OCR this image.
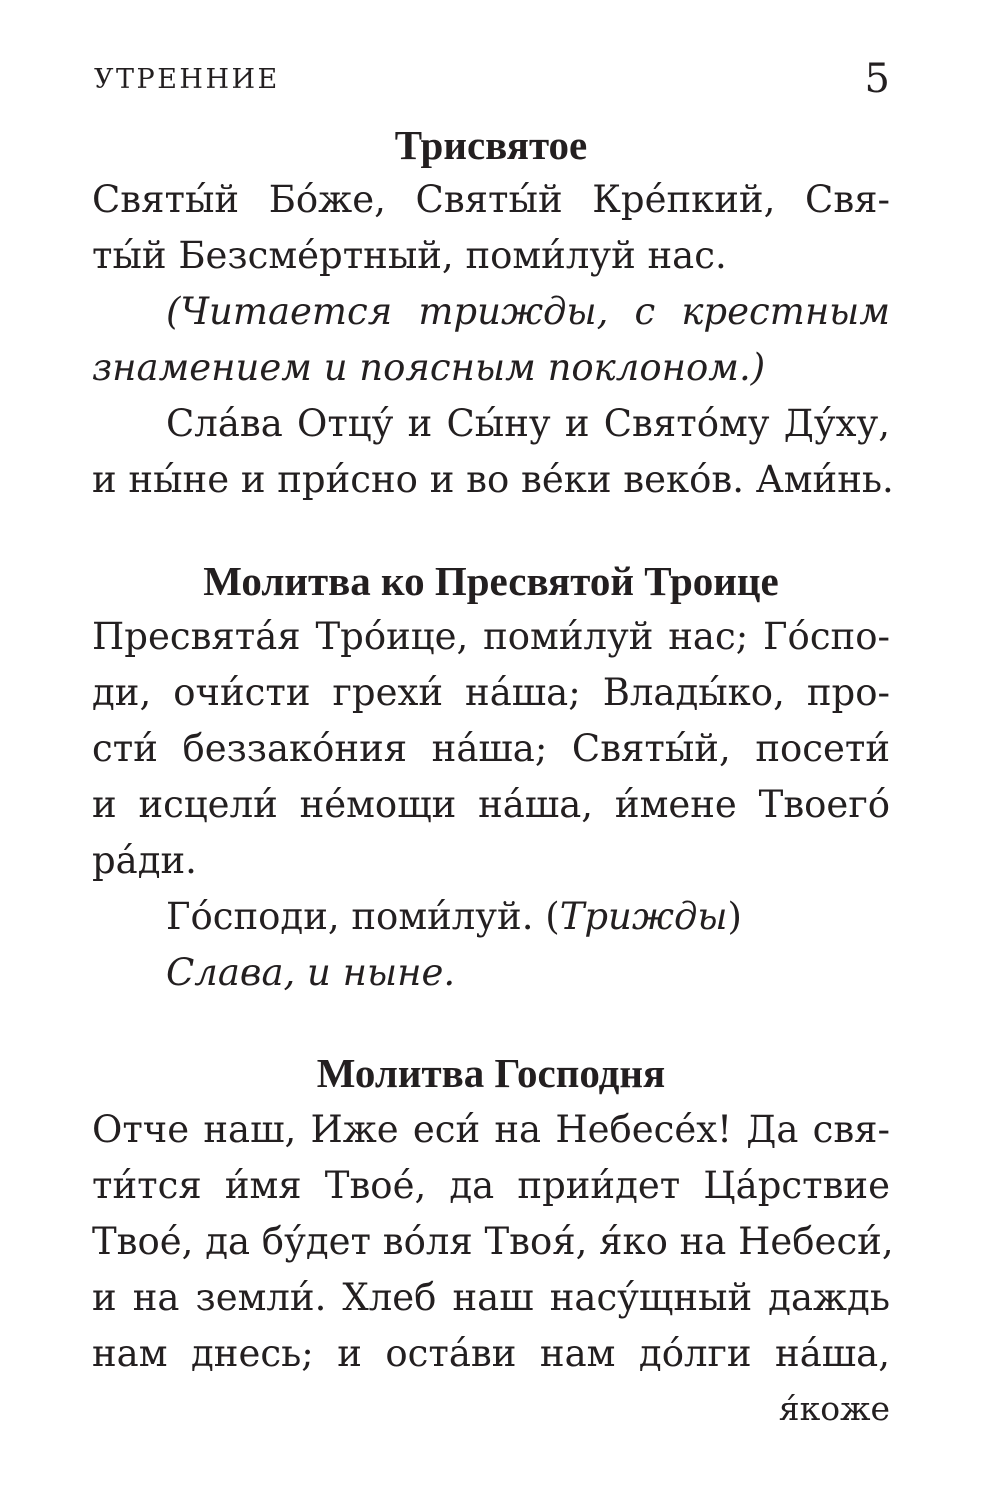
УТРЕННИЕ	5
Трисвятое
Святы́й Бо́же, Святы́й Кре́пкий, Свя-
ты́й Безсме́ртный, поми́луй нас.
(Читается трижды, с крестным
знамением и поясным поклоном.)
Сла́ва Отцу́ и Сы́ну и Свято́му Ду́ху,
и ны́не и при́сно и во ве́ки веко́в. Ами́нь.
Молитва ко Пресвятой Троице
Пресвята́я Тро́ице, поми́луй нас; Го́спо-
ди, очи́сти грехи́ на́ша; Влады́ко, про-
сти́ беззако́ния на́ша; Святы́й, посети́
и исцели́ не́мощи на́ша, и́мене Твоего́
ра́ди.
Го́споди, поми́луй. (Трижды)
Слава, и ныне.
Молитва Господня
Отче наш, Иже еси́ на Небесе́х! Да свя-
ти́тся и́мя Твое́, да прии́дет Ца́рствие
Твое́, да бу́дет во́ля Твоя́, я́ко на Небеси́,
и на земли́. Хлеб наш насу́щный даждь
нам днесь; и оста́ви нам до́лги на́ша,
я́коже
